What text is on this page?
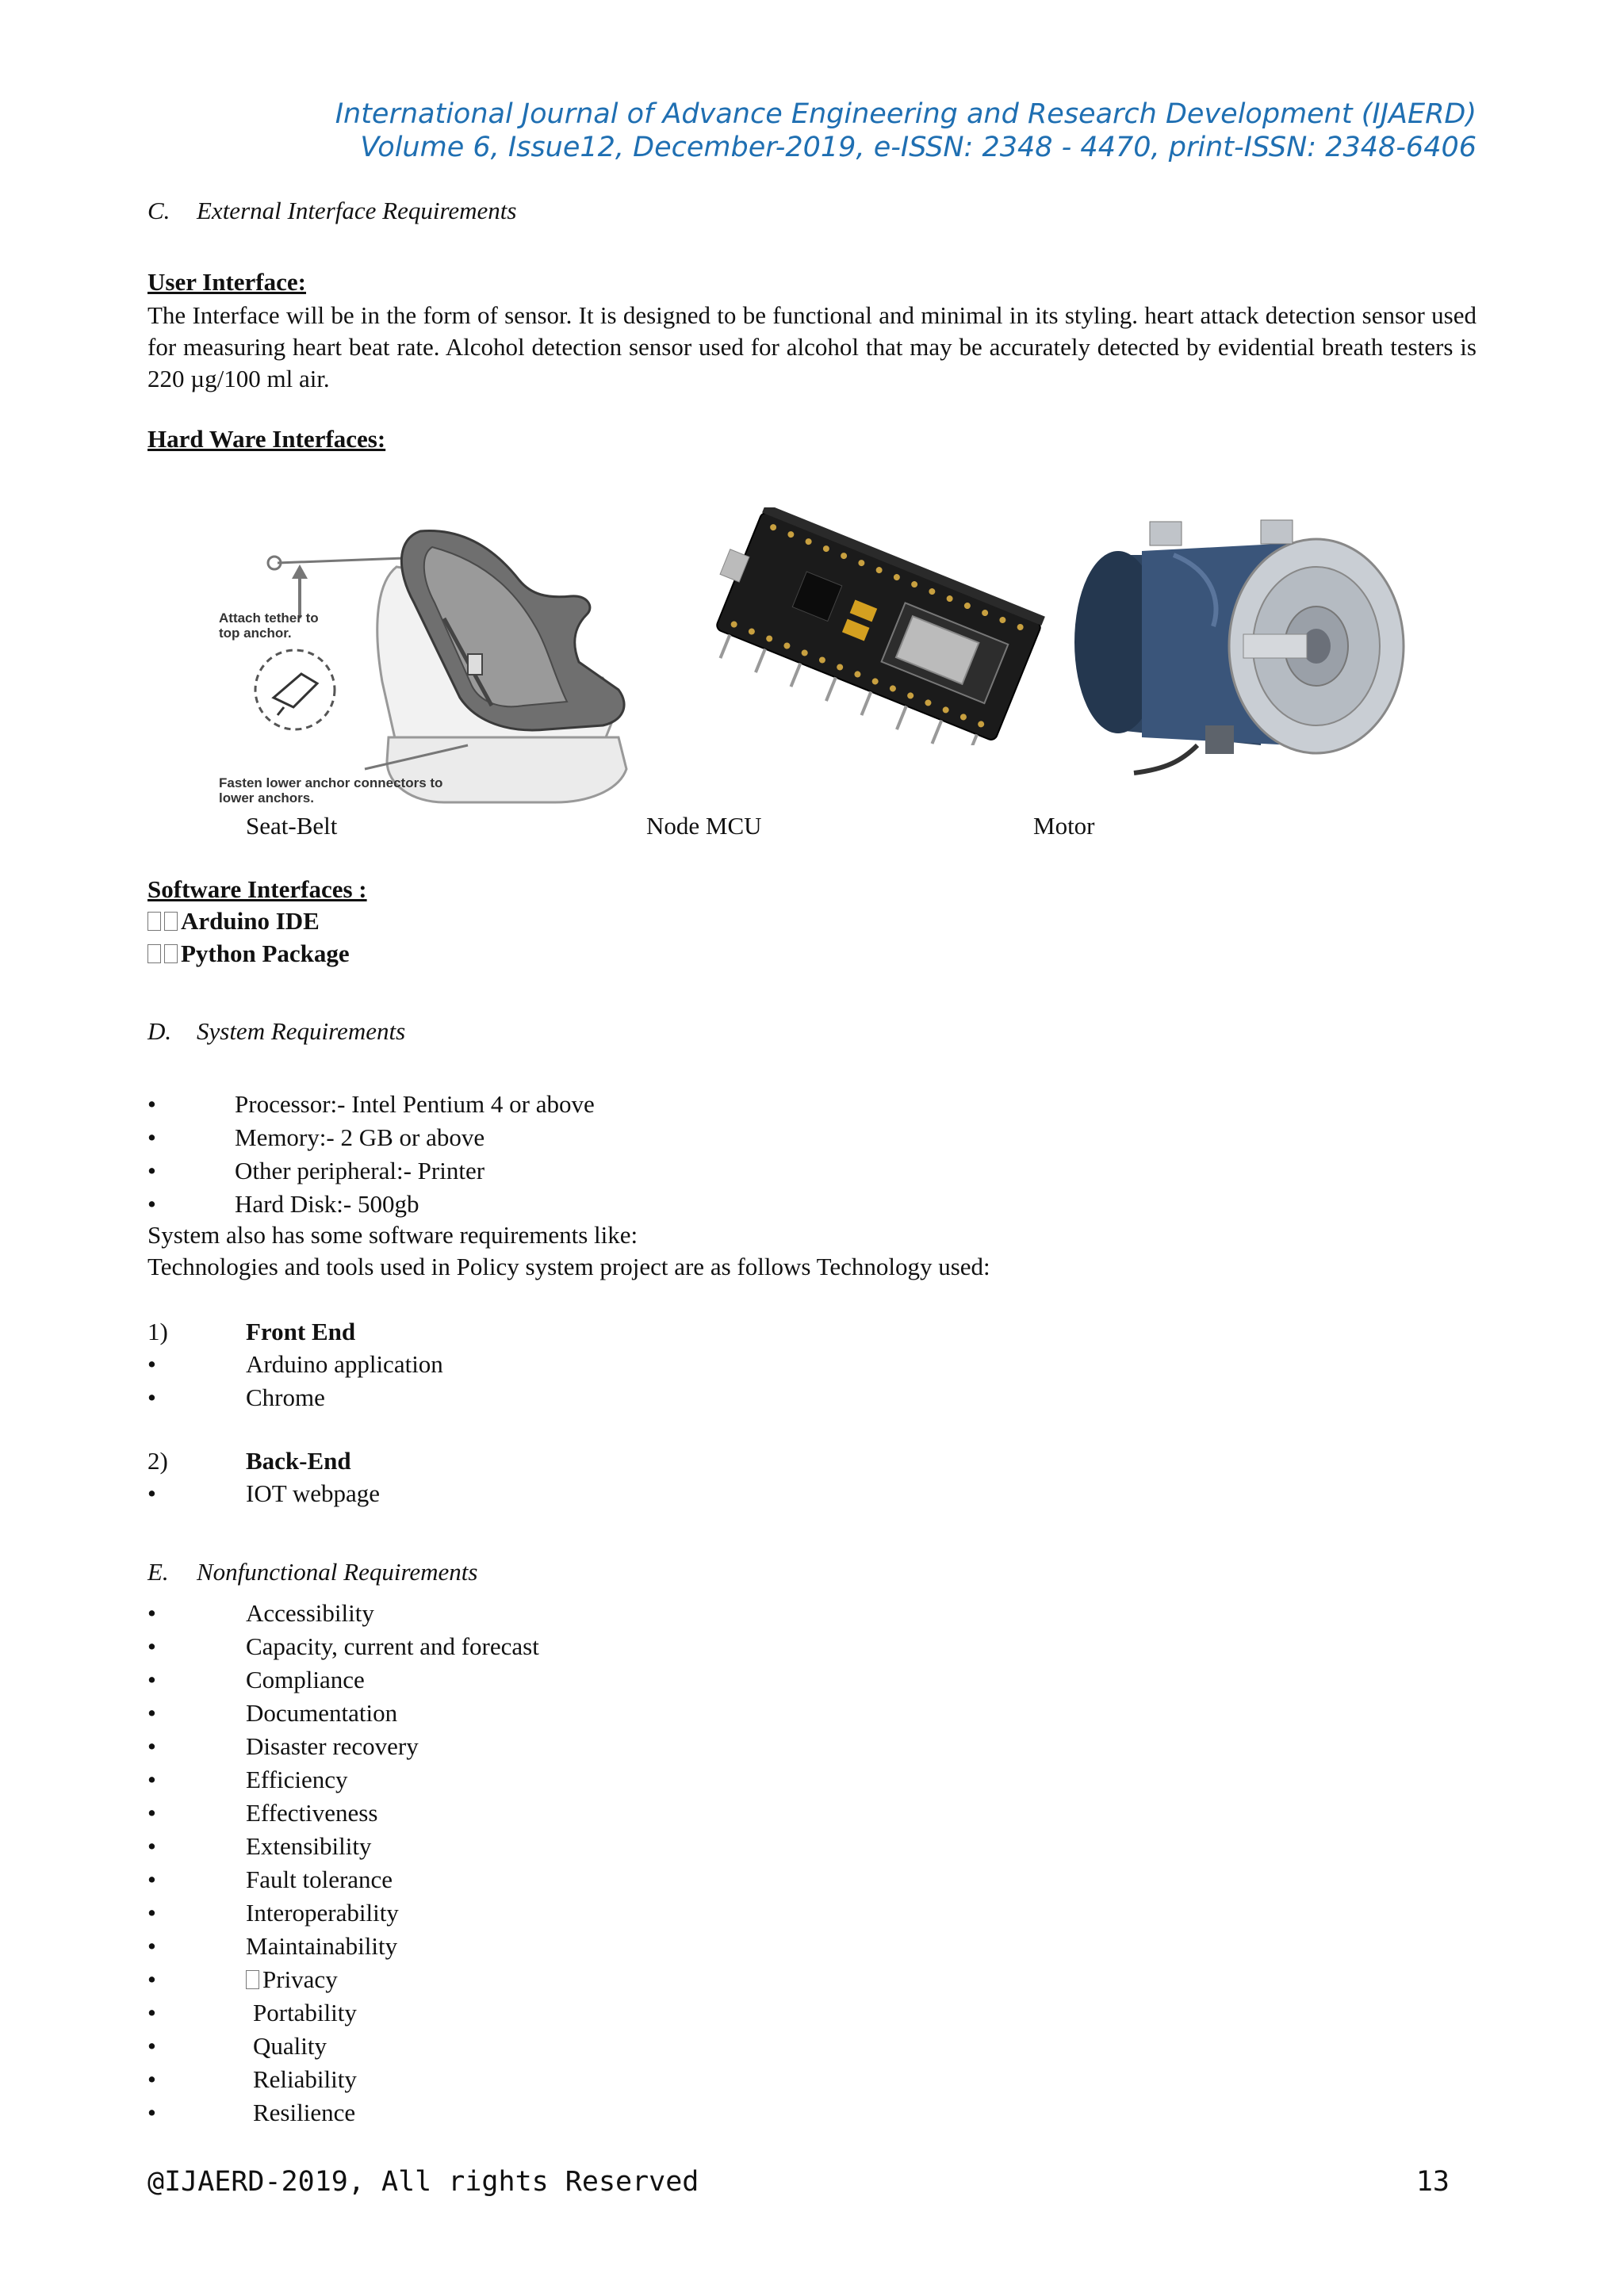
International Journal of Advance Engineering and Research Development (IJAERD)
Volume 6, Issue12, December-2019, e-ISSN: 2348 - 4470, print-ISSN: 2348-6406
C. External Interface Requirements
User Interface:
The Interface will be in the form of sensor. It is designed to be functional and minimal in its styling. heart attack detection sensor used for measuring heart beat rate. Alcohol detection sensor used for alcohol that may be accurately detected by evidential breath testers is 220 µg/100 ml air.
Hard Ware Interfaces:
Attach tether to top anchor.
Fasten lower anchor connectors to lower anchors.
Seat-Belt	Node MCU	Motor
Software Interfaces :
Arduino IDE
Python Package
D. System Requirements
•	Processor:- Intel Pentium 4 or above
•	Memory:- 2 GB or above
•	Other peripheral:- Printer
•	Hard Disk:- 500gb
System also has some software requirements like:
Technologies and tools used in Policy system project are as follows Technology used:
1)	Front End
•	Arduino application
•	Chrome
2)	Back-End
•	IOT webpage
E. Nonfunctional Requirements
•	Accessibility
•	Capacity, current and forecast
•	Compliance
•	Documentation
•	Disaster recovery
•	Efficiency
•	Effectiveness
•	Extensibility
•	Fault tolerance
•	Interoperability
•	Maintainability
•	Privacy
•	Portability
•	Quality
•	Reliability
•	Resilience
@IJAERD-2019, All rights Reserved	13
